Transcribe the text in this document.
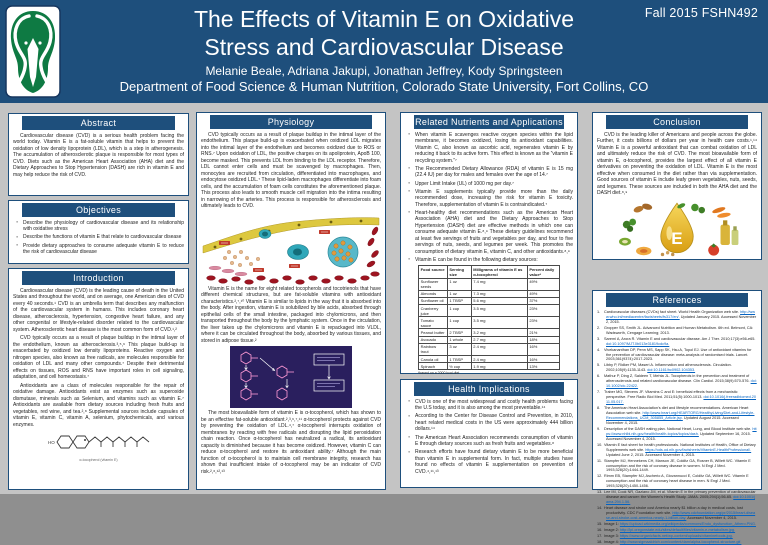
Fall 2015 FSHN492
The Effects of Vitamin E on Oxidative
Stress and Cardiovascular Disease
Melanie Beale, Adriana Jakupi, Jonathan Jeffrey, Kody Springsteen
Department of Food Science & Human Nutrition, Colorado State University, Fort Collins, CO
Abstract

Cardiovascular disease (CVD) is a serious health problem facing the world today. Vitamin E is a fat-soluble vitamin that helps to prevent the oxidation of low density lipoprotein (LDL), which is a step in atherogenesis. The accumulation of atherosclerotic plaque is responsible for most types of CVD. Diets such as the American Heart Association (AHA) diet and the Dietary Approaches to Stop Hypertension (DASH) are rich in vitamin E and may help reduce the risk of CVD.

Objectives
▪ Describe the physiology of cardiovascular disease and its relationship with oxidative stress
▪ Describe the functions of vitamin E that relate to cardiovascular disease
▪ Provide dietary approaches to consume adequate vitamin E to reduce the risk of cardiovascular disease
Introduction

Cardiovascular disease (CVD) is the leading cause of death in the United States and throughout the world, and on average, one American dies of CVD every 40 seconds.¹ CVD is an umbrella term that describes any malfunction of the cardiovascular system in humans. This includes coronary heart disease, atherosclerosis, hypertension, congestive heart failure, and any other congenital or lifestyle-related disorder related to the cardiovascular system. Atherosclerotic heart disease is the most common form of CVD.¹,²

CVD typically occurs as a result of plaque buildup in the intimal layer of the endothelium, known as atherosclerosis.³,⁵,⁶ This plaque build-up is exacerbated by oxidized low density lipoproteins. Reactive oxygen and nitrogen species, also known as free radicals, are molecules responsible for oxidation of LDL and many other compounds.⁷ Despite their detrimental effects on tissues, ROS and RNS have important roles in cell signaling, adaptation, and cell homeostasis.⁷

Antioxidants are a class of molecules responsible for the repair of oxidative damage. Antioxidants exist as enzymes such as superoxide dismutase, minerals such as Selenium, and vitamins such as vitamin E.⁷ Antioxidants are available from dietary sources including fresh fruits and vegetables, red wine, and tea.²,⁸ Supplemental sources include capsules of vitamin E, vitamin C, vitamin A, selenium, phytochemicals, and various enzymes.

HO
α-tocopherol (vitamin E)
Physiology

CVD typically occurs as a result of plaque buildup in the intimal layer of the endothelium. This plaque build-up is exacerbated when oxidized LDL migrates into the intimal layer of the endothelium and becomes oxidized due to ROS or RNS.⁷ Upon oxidation of LDL, the positive charges on its apoliprotein, ApoB 100, become masked. This prevents LDL from binding to the LDL receptor. Therefore, LDL cannot enter cells and must be scavenged by macrophages. Then, monocytes are recruited from circulation, differentiated into macrophages, and endocytose oxidized LDL.⁷ These lipid-laden macrophages differentiate into foam cells, and the accumulation of foam cells constitutes the aforementioned plaque. This process also leads to smooth muscle cell migration into the intima resulting in narrowing of the arteries. This process is responsible for atherosclerosis and ultimately leads to CVD.

Vitamin E is the name for eight related tocopherols and tocotrienols that have different chemical structures, but are fat-soluble vitamins with antioxidant characteristics.²,⁷,¹⁰ Vitamin E is similar to lipids in the way that it is absorbed into the body. After ingestion, vitamin E is solubilized by bile acids, absorbed through epithelial cells of the small intestine, packaged into chylomicrons, and then transported throughout the body by the lymphatic system. Once in the circulation, the liver takes up the chylomicrons and vitamin E is repackaged into VLDL, where it can be circulated throughout the body, absorbed by various tissues, and stored in adipose tissue.²

The most bioavailable form of vitamin E is α-tocopherol, which has shown to be an effective fat-soluble antioxidant.²,³,⁶,⁷,¹¹ α-tocopherol protects against CVD by preventing the oxidation of LDL.⁴,⁷ α-tocopherol interrupts oxidation of membranes by reacting with free radicals and disrupting the lipid peroxidation chain reaction. Once α-tocopherol has neutralized a radical, its antioxidant capacity is diminished because it has become oxidized. However, vitamin C can reduce α-tocopherol and restore its antioxidant ability.⁷ Although the main function of α-tocopherol is to maintain cell membrane integrity, research has shown that insufficient intake of α-tocopherol may be an indicator of CVD risk.²,⁶,¹²,¹³

Related Nutrients and Applications
▪ When vitamin E scavenges reactive oxygen species within the lipid membrane, it becomes oxidized, losing its antioxidant capabilities. Vitamin C, also known as ascorbic acid, regenerates vitamin E by reducing it back to its active form. This effect is known as the “vitamin E recycling system.”⁷
▪ The Recommended Dietary Allowance (RDA) of vitamin E is 15 mg (22.4 IU) per day for males and females over the age of 14.⁷
▪ Upper Limit Intake (UL) of 1000 mg per day.⁷
▪ Vitamin E supplements typically provide more than the daily recommended dose, increasing the risk for vitamin E toxicity. Therefore, supplementation of vitamin E is contraindicated.⁷
▪ Heart-healthy diet recommendations such as the American Heart Association (AHA) diet and the Dietary Approaches to Stop Hypertension (DASH) diet are effective methods in which one can consume adequate vitamin E.⁸,⁹ These dietary guidelines recommend at least five servings of fruits and vegetables per day, and four to five servings of nuts, seeds, and legumes per week. This promotes the consumption of dietary vitamin E, vitamin C, and other antioxidants.⁸,⁹
▪ Vitamin E can be found in the following dietary sources:
Food source	Serving size	Milligrams of vitamin E as α-tocopherol	Percent daily value*
Sunflower seeds	1 oz	7.4 mg	49%
Almonds	1 oz	7.3 mg	49%
Sunflower oil	1 TBSP	5.6 mg	37%
Cranberry juice	1 cup	3.5 mg	23%
Tomato sauce	1 cup	3.5 mg	23%
Peanut butter	2 TBSP	3.2 mg	21%
Avocado	1 whole	2.7 mg	18%
Rainbow trout	3 oz	2.4 mg	16%
Canola oil	1 TBSP	2.4 mg	16%
Spinach	½ cup	1.9 mg	13%
*based on a 2000 kcal diet
Health Implications
▪ CVD is one of the most widespread and costly health problems facing the U.S today, and it is also among the most preventable.¹⁴
▪ According to the Center for Disease Control and Prevention, in 2010, heart related medical costs in the US were approximately 444 billion dollars.¹⁴
▪ The American Heart Association recommends consumption of vitamin E through dietary sources such as fresh fruits and vegetables.⁸
▪ Research efforts have found dietary vitamin E to be more beneficial than vitamin E in supplemental form. In fact, multiple studies have found no effects of vitamin E supplementation on prevention of CVD.⁴,¹¹,¹³
Conclusion

CVD is the leading killer of Americans and people across the globe. Further, it costs billions of dollars per year in health care costs.¹,¹⁴ Vitamin E is a powerful antioxidant that can combat oxidation of LDL and ultimately reduce the risk of CVD. The most bioavailable form of vitamin E, α-tocopherol, provides the largest effect of all vitamin E derivatives on preventing the oxidation of LDL. Vitamin E is the most effective when consumed in the diet rather than via supplementation. Good sources of vitamin E include leafy green vegetables, nuts, seeds, and legumes. These sources are included in both the AHA diet and the DASH diet.⁸,⁹

E
References
1. Cardiovascular diseases (CVDs) fact sheet. World Health Organization web site. http://www.who.int/mediacentre/factsheets/fs317/en/. Updated January 2015. Accessed November 2, 2015.
2. Gropper SS, Smith JL. Advanced Nutrition and Human Metabolism. 6th ed. Belmont, CA: Wadsworth, Cengage Learning; 2013.
3. Saremi A, Arora R. Vitamin E and cardiovascular disease. Am J Ther. 2010;17(3):e56-e65. doi:10.1097/MJT.0b013e31819cdc9a.
4. Vivekananthan DP, Penn MS, Sapp SK, Hsu A, Topol EJ. Use of antioxidant vitamins for the prevention of cardiovascular disease: meta-analysis of randomised trials. Lancet. 2003;361(9374):2017-2023.
5. Libby P, Ridker PM, Maseri A. Inflammation and atherosclerosis. Circulation. 2002;105(9):1135-1143. doi:10.1161/hc0902.104353.
6. Mathur P, Ding Z, Saldeen T, Mehta JL. Tocopherols in the prevention and treatment of atherosclerosis and related cardiovascular disease. Clin Cardiol. 2015;38(9):570-576. doi:10.1002/clc.22422.
7. Traber MG, Stevens JF. Vitamins C and E: beneficial effects from a mechanistic perspective. Free Radic Biol Med. 2011;51(5):1000-1013. doi:10.1016/j.freeradbiomed.2011.05.017.
8. The American Heart Association's diet and lifestyle recommendations. American Heart Association web site. http://www.heart.org/HEARTORG/HealthyLiving/Diet-and-Lifestyle-Recommendations_UCM_305855_Article.jsp. Updated August 2015. Accessed November 4, 2015.
9. Description of the DASH eating plan. National Heart, Lung, and Blood Institute web site. https://www.nhlbi.nih.gov/health/health-topics/topics/dash. Updated September 16, 2015. Accessed November 4, 2015.
10. Vitamin E fact sheet for health professionals. National Institutes of Health, Office of Dietary Supplements web site. https://ods.od.nih.gov/factsheets/VitaminE-HealthProfessional/. Updated June 2, 2015. Accessed November 4, 2015.
11. Stampfer MJ, Hennekens CH, Manson JE, Colditz GA, Rosner B, Willett WC. Vitamin E consumption and the risk of coronary disease in women. N Engl J Med. 1993;328(20):1444-1449.
12. Rimm EB, Stampfer MJ, Ascherio A, Giovannucci E, Colditz GA, Willett WC. Vitamin E consumption and the risk of coronary heart disease in men. N Engl J Med. 1993;328(20):1450-1456.
13. Lee IM, Cook NR, Gaziano JM, et al. Vitamin E in the primary prevention of cardiovascular disease and cancer: the Women's Health Study. JAMA. 2005;294(1):56-65. doi:10.1001/jama.294.1.56.
14. Heart disease and stroke cost America nearly $1 billion a day in medical costs, lost productivity. CDC Foundation web site. http://www.cdcfoundation.org/pr/2015/heart-disease-and-stroke-cost-america-nearly-1-billion-day. Accessed November 4, 2015.
15. Image 1: https://upload.wikimedia.org/wikipedia/commons/Endo_dysfunction_Athero.PNG.
16. Image 2: http://lpi.oregonstate.edu/sites/default/files/vitamin-e-metabolism.jpg.
17. Image 3: https://www.organicfacts.net/wp-content/uploads/vitaminefoods.jpg.
18. Image 4: http://www.sigmaaldrich.com/content/dam/alpha-tocopherol-structure.gif.
